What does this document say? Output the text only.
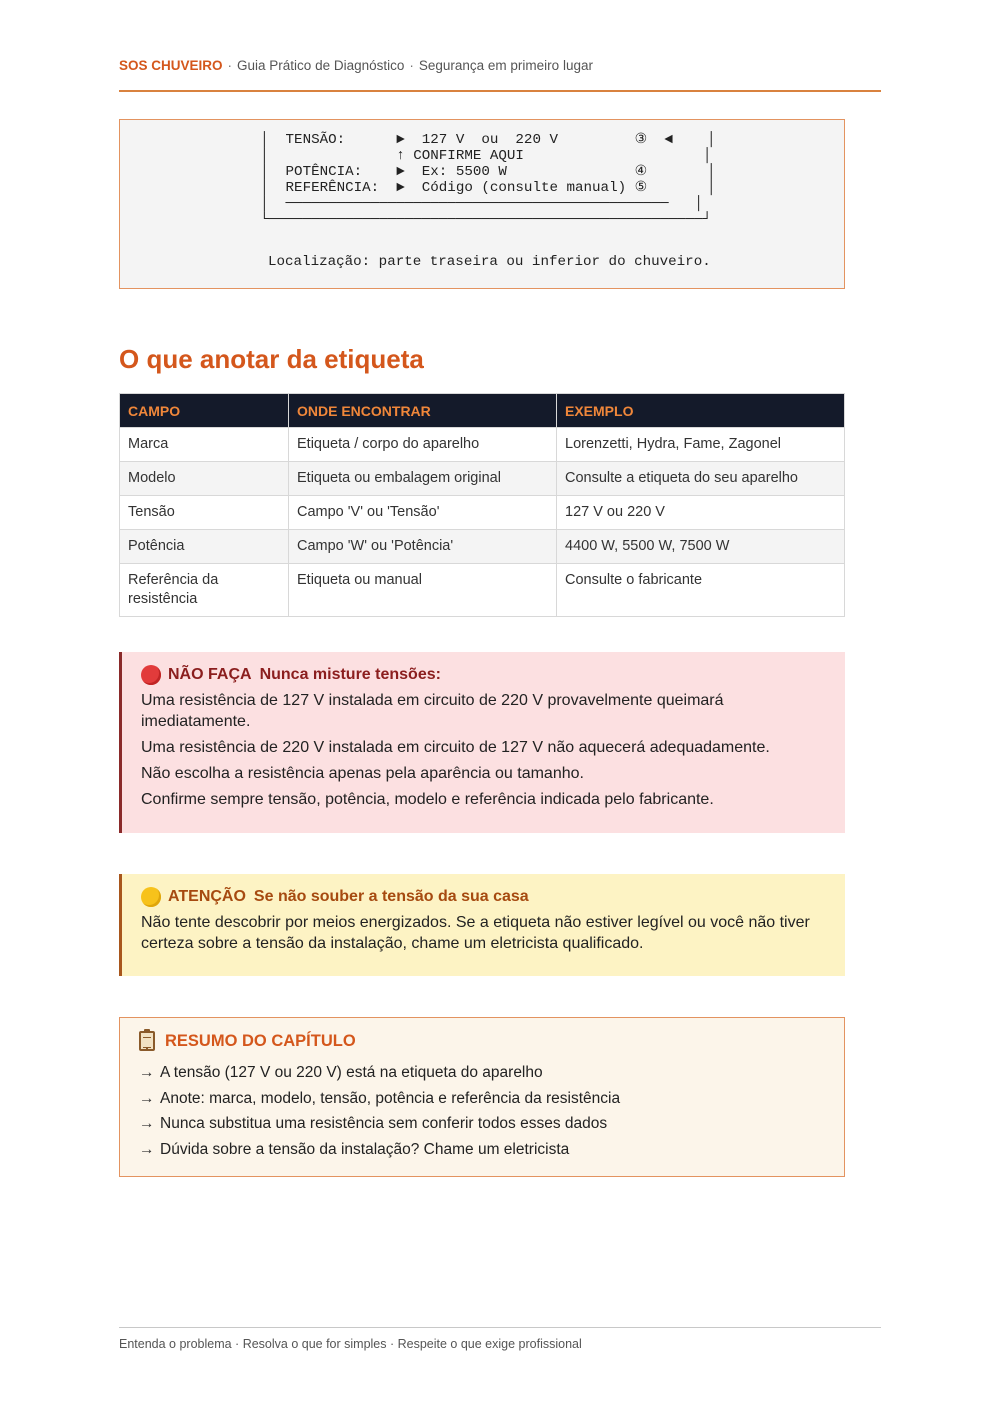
SOS CHUVEIRO · Guia Prático de Diagnóstico · Segurança em primeiro lugar
│  TENSÃO:      ►  127 V  ou  220 V         ③  ◄    │
│               ↑ CONFIRME AQUI                     │
│  POTÊNCIA:    ►  Ex: 5500 W               ④       │
│  REFERÊNCIA:  ►  Código (consulte manual) ⑤       │
│  ─────────────────────────────────────────────   │
└───────────────────────────────────────────────────┘
Localização: parte traseira ou inferior do chuveiro.
O que anotar da etiqueta
CAMPO	ONDE ENCONTRAR	EXEMPLO
Marca	Etiqueta / corpo do aparelho	Lorenzetti, Hydra, Fame, Zagonel
Modelo	Etiqueta ou embalagem original	Consulte a etiqueta do seu aparelho
Tensão	Campo 'V' ou 'Tensão'	127 V ou 220 V
Potência	Campo 'W' ou 'Potência'	4400 W, 5500 W, 7500 W
Referência da resistência	Etiqueta ou manual	Consulte o fabricante
NÃO FAÇA Nunca misture tensões:

Uma resistência de 127 V instalada em circuito de 220 V provavelmente queimará imediatamente.

Uma resistência de 220 V instalada em circuito de 127 V não aquecerá adequadamente.

Não escolha a resistência apenas pela aparência ou tamanho.

Confirme sempre tensão, potência, modelo e referência indicada pelo fabricante.

ATENÇÃO Se não souber a tensão da sua casa

Não tente descobrir por meios energizados. Se a etiqueta não estiver legível ou você não tiver certeza sobre a tensão da instalação, chame um eletricista qualificado.

RESUMO DO CAPÍTULO
→ A tensão (127 V ou 220 V) está na etiqueta do aparelho
→ Anote: marca, modelo, tensão, potência e referência da resistência
→ Nunca substitua uma resistência sem conferir todos esses dados
→ Dúvida sobre a tensão da instalação? Chame um eletricista
Entenda o problema · Resolva o que for simples · Respeite o que exige profissional
